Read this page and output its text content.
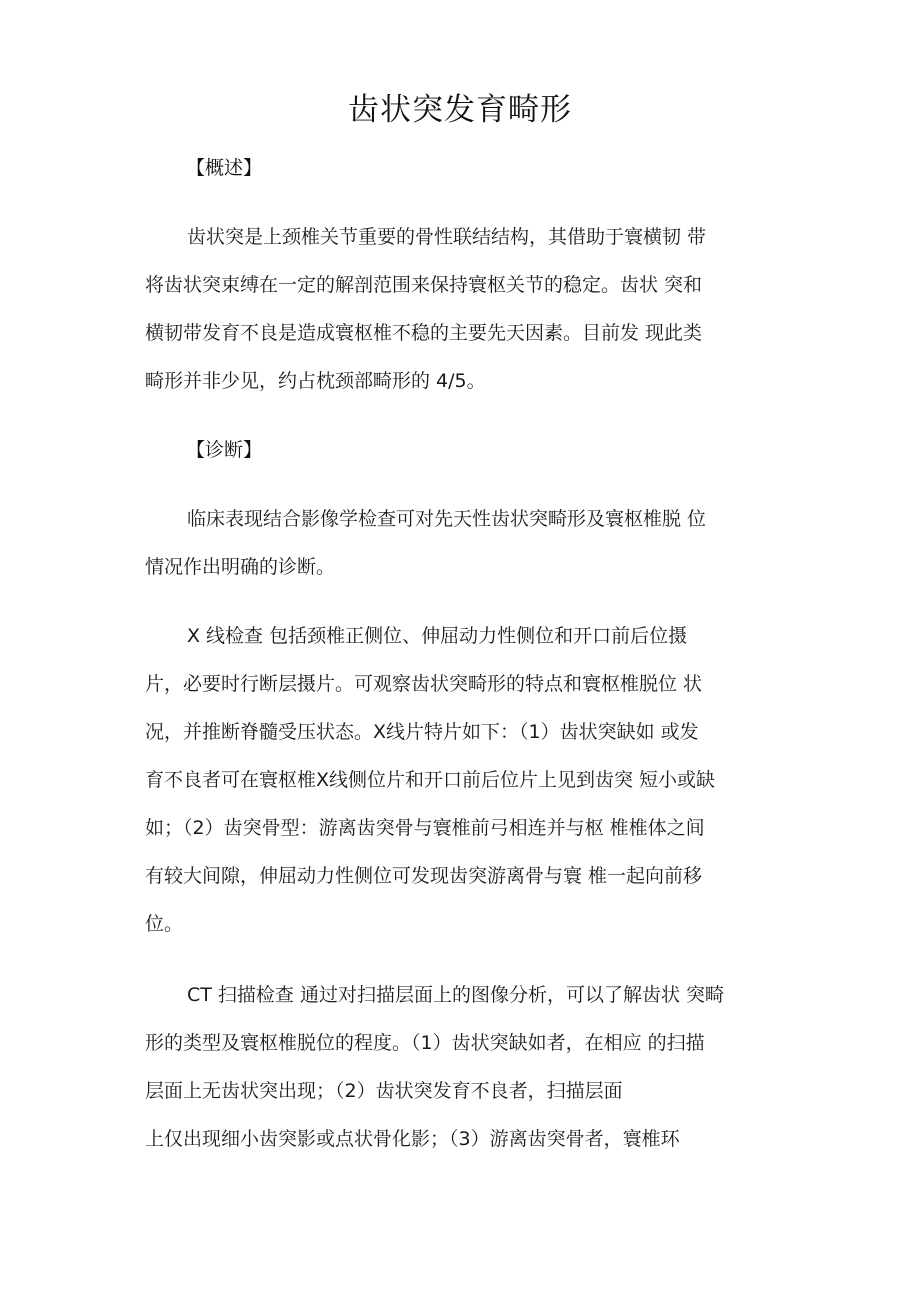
齿状突发育畸形
【概述】
齿状突是上颈椎关节重要的骨性联结结构，其借助于寰横韧 带
将齿状突束缚在一定的解剖范围来保持寰枢关节的稳定。齿状 突和
横韧带发育不良是造成寰枢椎不稳的主要先天因素。目前发 现此类
畸形并非少见，约占枕颈部畸形的 4/5。
【诊断】
临床表现结合影像学检查可对先天性齿状突畸形及寰枢椎脱 位
情况作出明确的诊断。
X 线检查 包括颈椎正侧位、伸屈动力性侧位和开口前后位摄
片，必要时行断层摄片。可观察齿状突畸形的特点和寰枢椎脱位 状
况，并推断脊髓受压状态。X线片特片如下：（1）齿状突缺如 或发
育不良者可在寰枢椎X线侧位片和开口前后位片上见到齿突 短小或缺
如；（2）齿突骨型：游离齿突骨与寰椎前弓相连并与枢 椎椎体之间
有较大间隙，伸屈动力性侧位可发现齿突游离骨与寰 椎一起向前移
位。
CT 扫描检查 通过对扫描层面上的图像分析，可以了解齿状 突畸
形的类型及寰枢椎脱位的程度。（1）齿状突缺如者，在相应 的扫描
层面上无齿状突出现；（2）齿状突发育不良者，扫描层面
上仅出现细小齿突影或点状骨化影；（3）游离齿突骨者，寰椎环
